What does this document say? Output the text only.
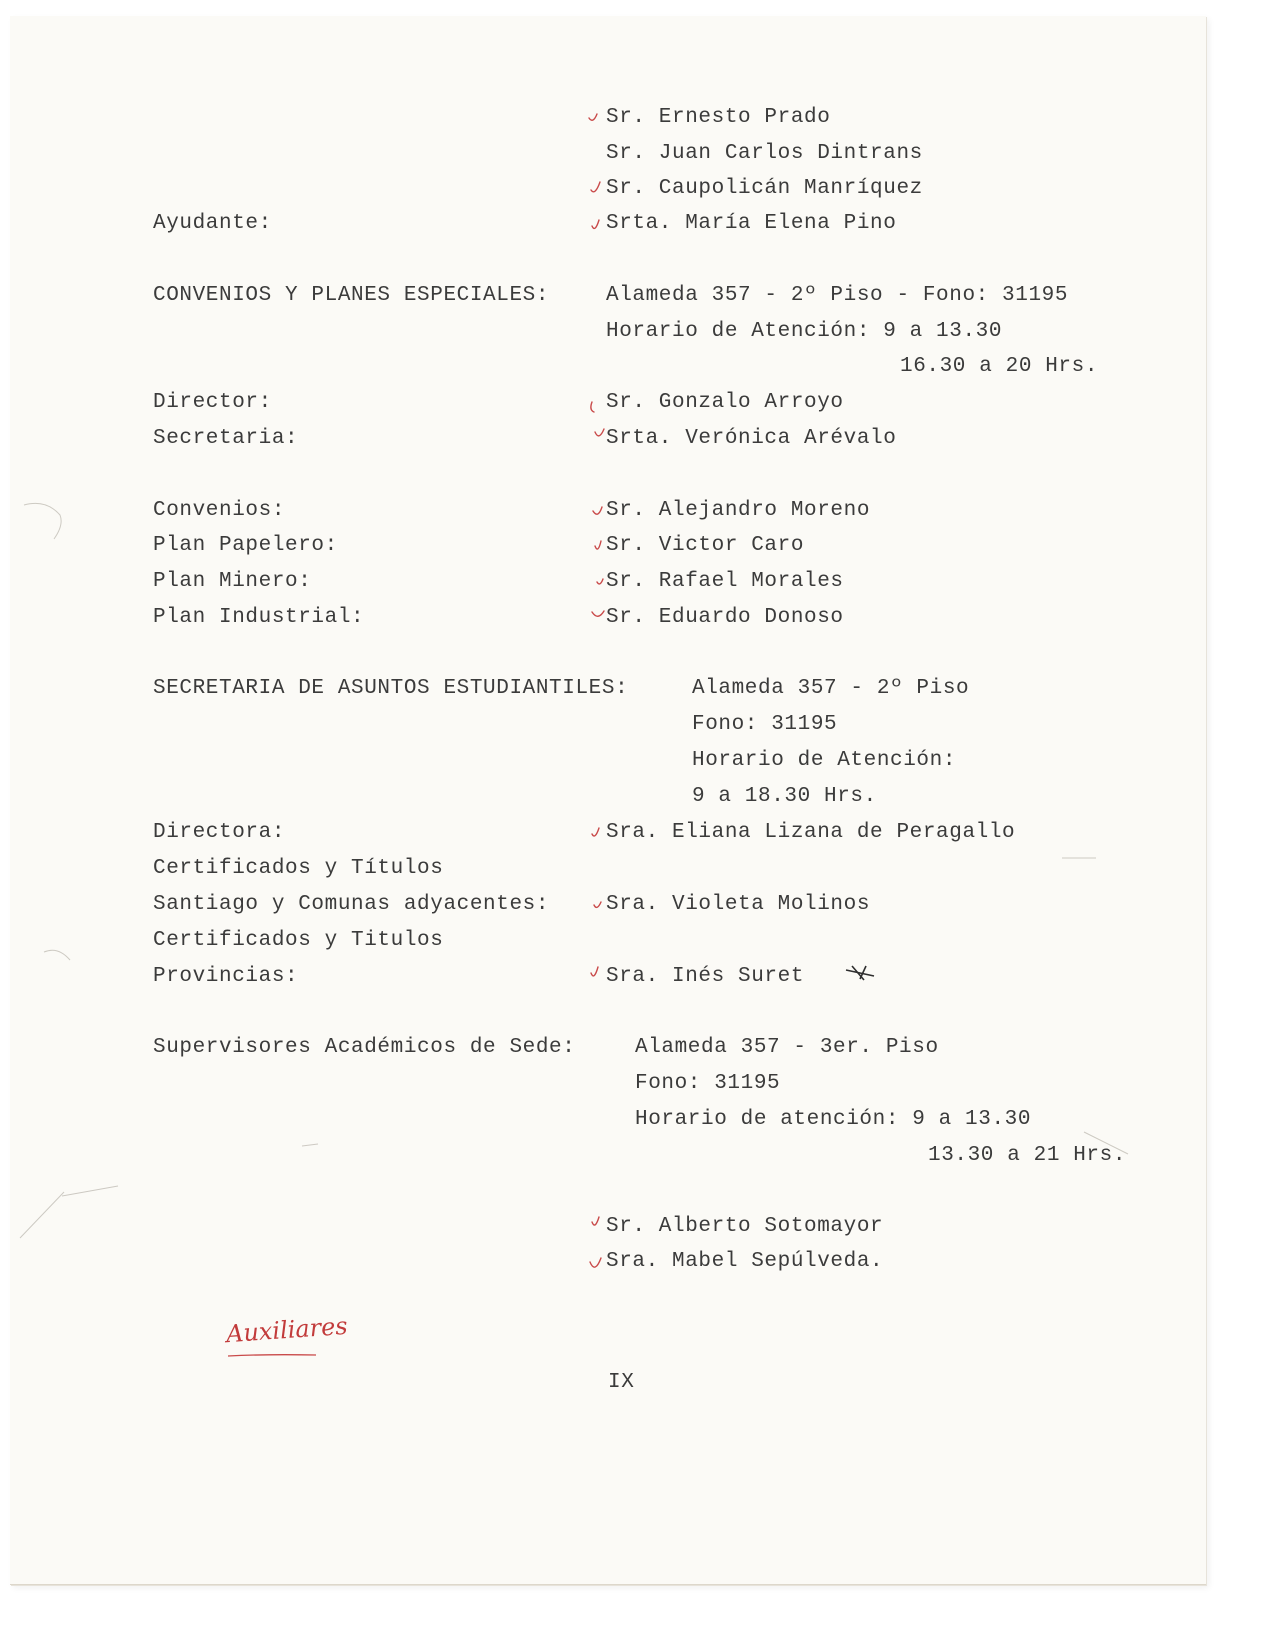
Sr. Ernesto Prado
Sr. Juan Carlos Dintrans
Sr. Caupolicán Manríquez
Ayudante:	Srta. María Elena Pino
CONVENIOS Y PLANES ESPECIALES:	Alameda 357 - 2º Piso - Fono: 31195
Horario de Atención: 9 a 13.30
16.30 a 20 Hrs.
Director:	Sr. Gonzalo Arroyo
Secretaria:	Srta. Verónica Arévalo
Convenios:	Sr. Alejandro Moreno
Plan Papelero:	Sr. Victor Caro
Plan Minero:	Sr. Rafael Morales
Plan Industrial:	Sr. Eduardo Donoso
SECRETARIA DE ASUNTOS ESTUDIANTILES:	Alameda 357 - 2º Piso
Fono: 31195
Horario de Atención:
9 a 18.30 Hrs.
Directora:	Sra. Eliana Lizana de Peragallo
Certificados y Títulos
Santiago y Comunas adyacentes:	Sra. Violeta Molinos
Certificados y Titulos
Provincias:	Sra. Inés Suret
Supervisores Académicos de Sede:	Alameda 357 - 3er. Piso
Fono: 31195
Horario de atención: 9 a 13.30
13.30 a 21 Hrs.
Sr. Alberto Sotomayor
Sra. Mabel Sepúlveda.
IX
Auxiliares
